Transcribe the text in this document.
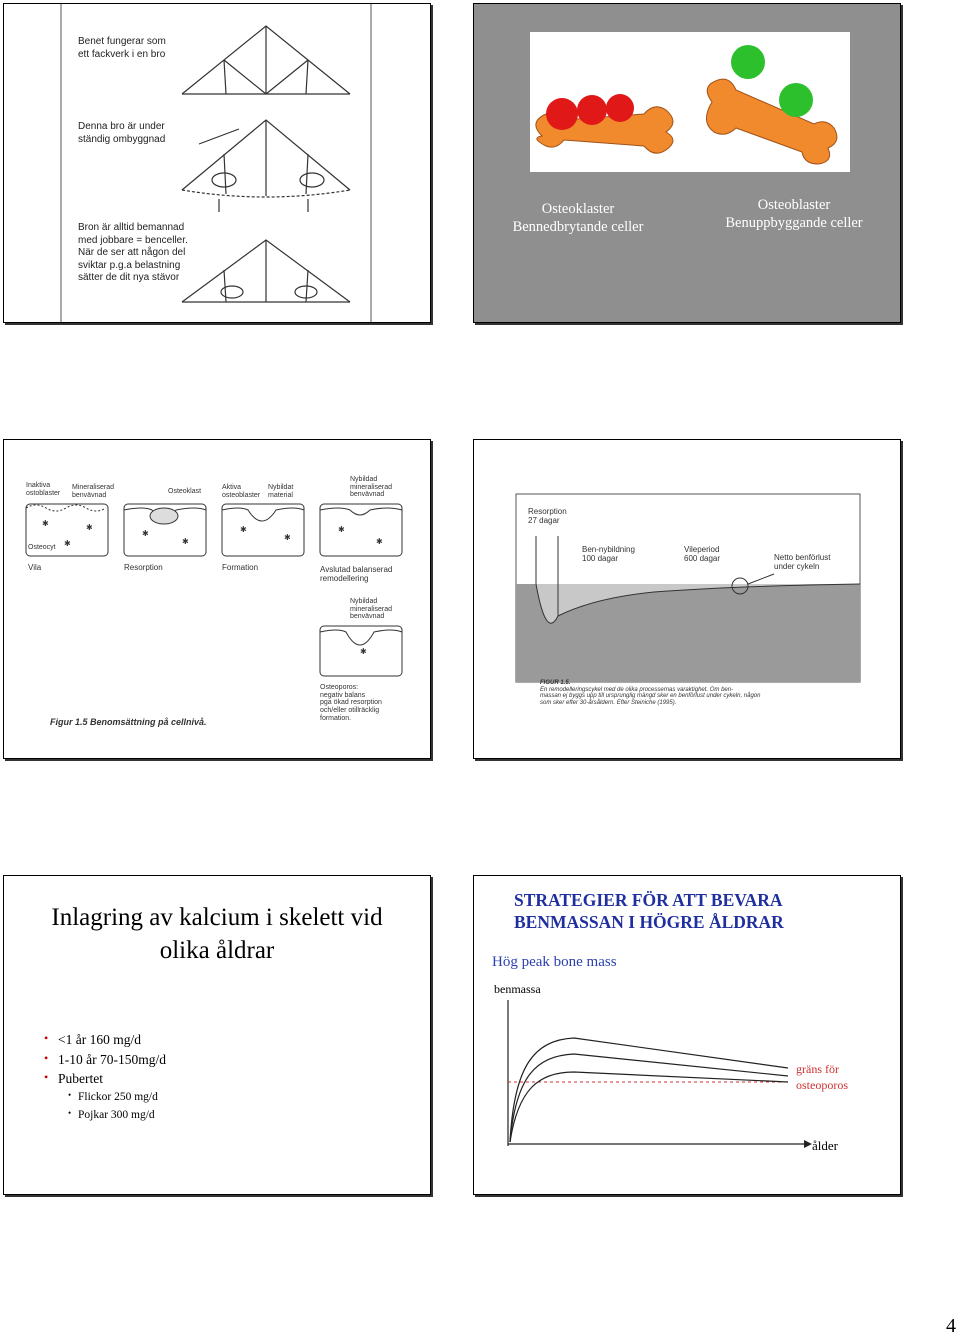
Benet fungerar som
ett fackverk i en bro
Denna bro är under
ständig ombyggnad
Bron är alltid bemannad
med jobbare = benceller.
När de ser att någon del
sviktar p.g.a belastning
sätter de dit nya stävor
Osteoklaster
Bennedbrytande celler
Osteoblaster
Benuppbyggande celler
✱	✱
✱
✱
✱
✱
✱
✱
✱
✱
Inaktiva
ostoblaster
Mineraliserad
benvävnad
Osteoklast
Aktiva
osteoblaster
Nybildat
material
Nybildad
mineraliserad
benvävnad
Osteocyt
Vila	Resorption	Formation	Avslutad balanserad
remodellering
Nybildad
mineraliserad
benvävnad
Osteoporos:
negativ balans
pga ökad resorption
och/eller otillräcklig
formation.
Figur 1.5 Benomsättning på cellnivå.
Resorption
27 dagar
Ben-nybildning
100 dagar
Vileperiod
600 dagar	Netto benförlust
under cykeln
FIGUR 1.5.
En remodelleringscykel med de olika processernas varaktighet. Om ben-
massan ej byggs upp till ursprunglig mängd sker en benförlust under cykeln, någon
som sker efter 30-årsåldern. Efter Steiniche (1995).
Inlagring av kalcium i skelett vid
olika åldrar
• <1 år 160 mg/d
• 1-10 år 70-150mg/d
• Pubertet
• Flickor 250 mg/d
• Pojkar 300 mg/d
STRATEGIER FÖR ATT BEVARA
BENMASSAN I HÖGRE ÅLDRAR
Hög peak bone mass
benmassa
ålder
gräns för
osteoporos
4
